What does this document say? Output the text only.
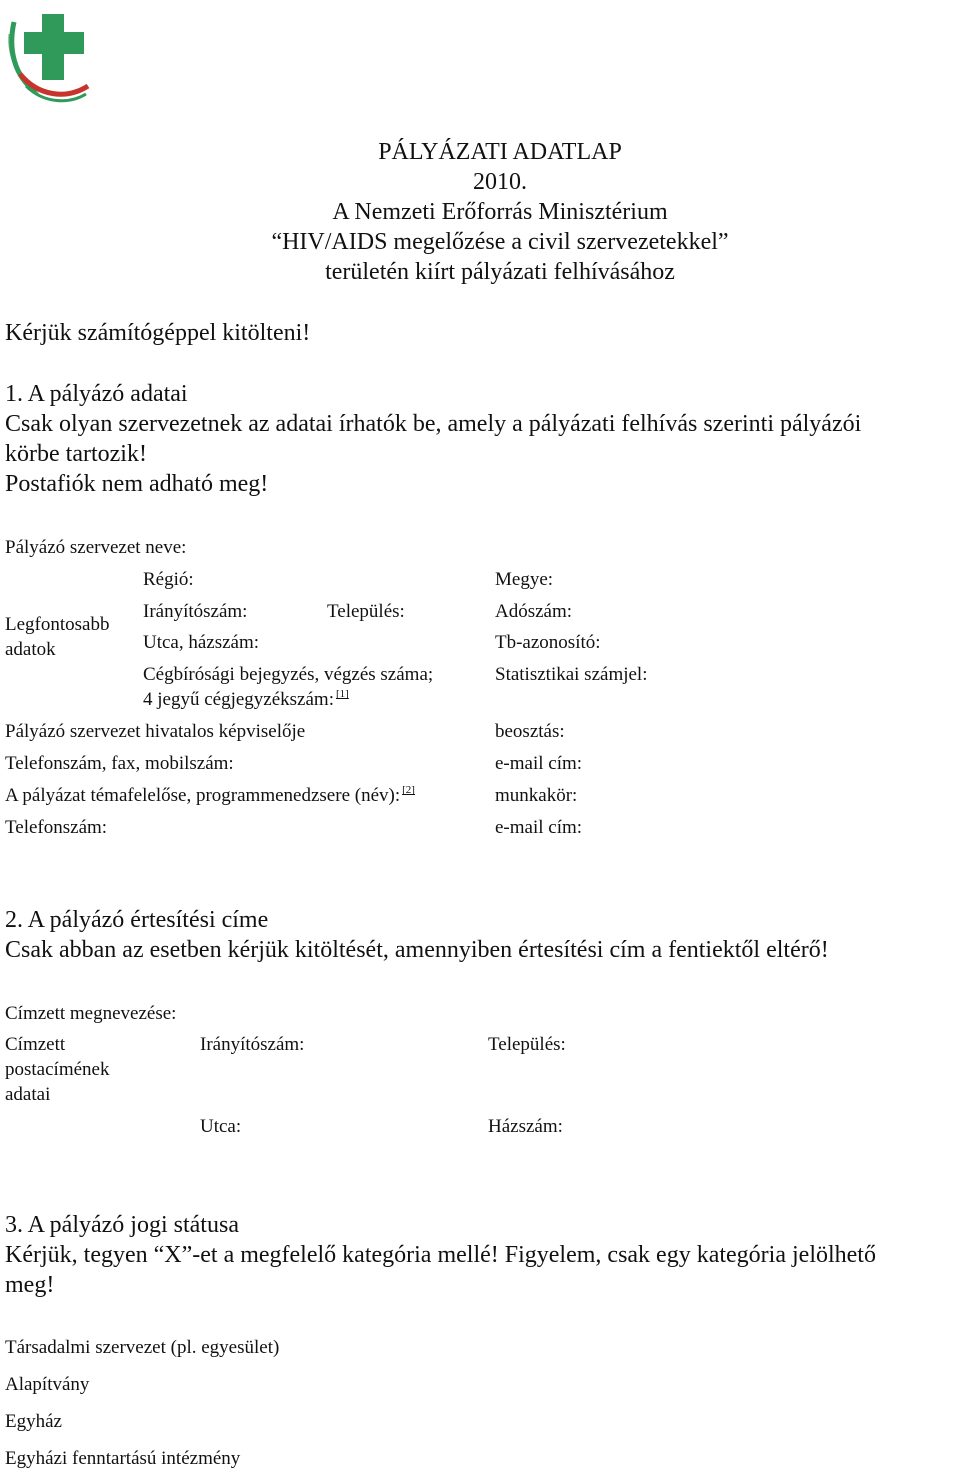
PÁLYÁZATI ADATLAP
2010.
A Nemzeti Erőforrás Minisztérium
“HIV/AIDS megelőzése a civil szervezetekkel”
területén kiírt pályázati felhívásához
Kérjük számítógéppel kitölteni!
1. A pályázó adatai
Csak olyan szervezetnek az adatai írhatók be, amely a pályázati felhívás szerinti pályázói
körbe tartozik!
Postafiók nem adható meg!
Pályázó szervezet neve:
Legfontosabb
adatok
Régió:	Megye:
Irányítószám:	Település:	Adószám:
Utca, házszám:	Tb-azonosító:
Cégbírósági bejegyzés, végzés száma;	Statisztikai számjel:
4 jegyű cégjegyzékszám: [1]
Pályázó szervezet hivatalos képviselője	beosztás:
Telefonszám, fax, mobilszám:	e-mail cím:
A pályázat témafelelőse, programmenedzsere (név): [2]	munkakör:
Telefonszám:	e-mail cím:
2. A pályázó értesítési címe
Csak abban az esetben kérjük kitöltését, amennyiben értesítési cím a fentiektől eltérő!
Címzett megnevezése:
Címzett
postacímének
adatai
Irányítószám:	Település:
Utca:	Házszám:
3. A pályázó jogi státusa
Kérjük, tegyen “X”-et a megfelelő kategória mellé! Figyelem, csak egy kategória jelölhető
meg!
Társadalmi szervezet (pl. egyesület)
Alapítvány
Egyház
Egyházi fenntartású intézmény
